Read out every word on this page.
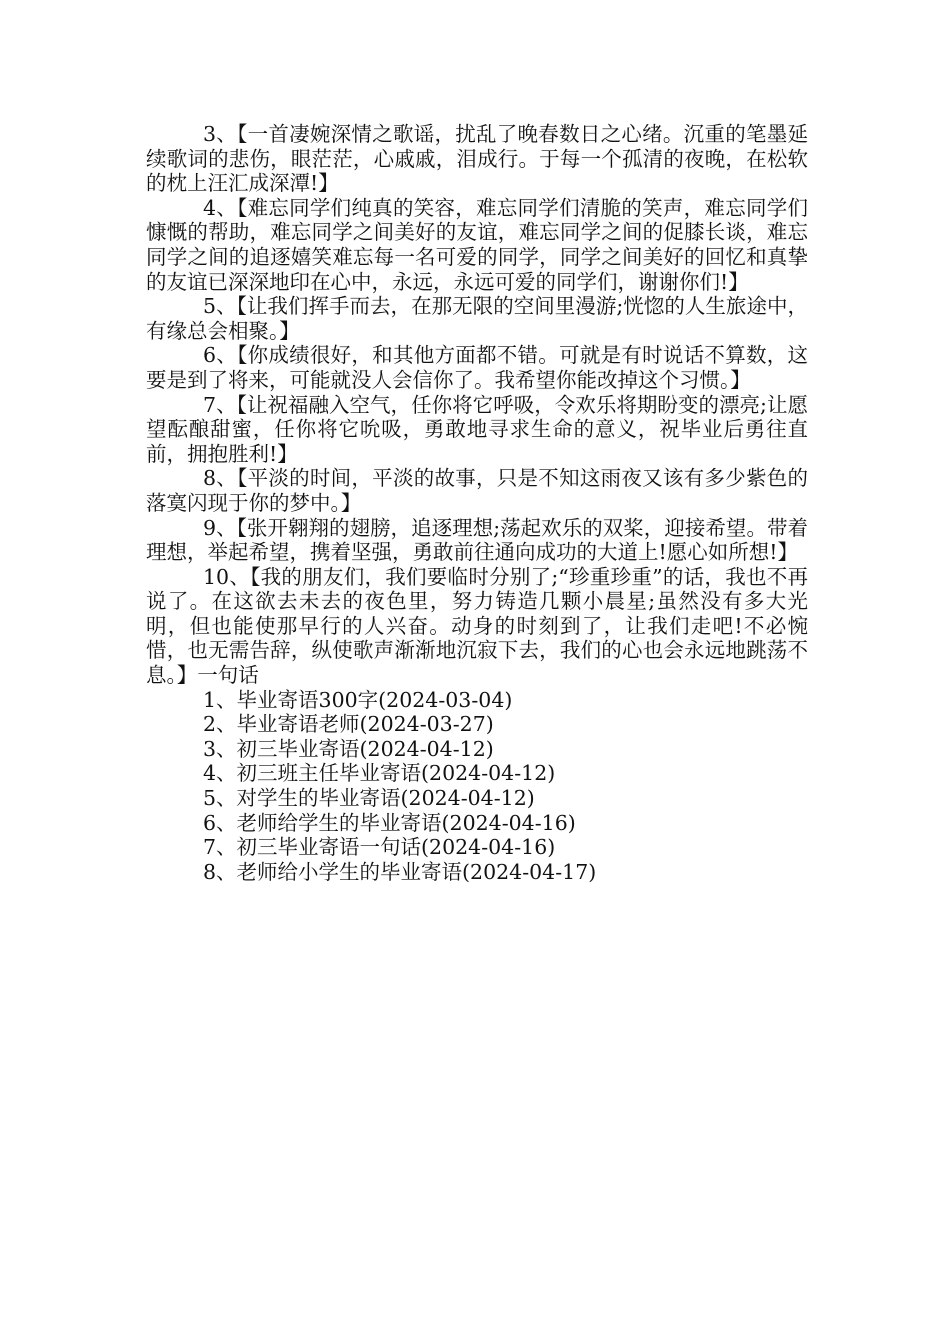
3、【一首凄婉深情之歌谣，扰乱了晚春数日之心绪。沉重的笔墨延续歌词的悲伤，眼茫茫，心戚戚，泪成行。于每一个孤清的夜晚，在松软的枕上汪汇成深潭!】

4、【难忘同学们纯真的笑容，难忘同学们清脆的笑声，难忘同学们慷慨的帮助，难忘同学之间美好的友谊，难忘同学之间的促膝长谈，难忘同学之间的追逐嬉笑难忘每一名可爱的同学，同学之间美好的回忆和真挚的友谊已深深地印在心中，永远，永远可爱的同学们，谢谢你们!】

5、【让我们挥手而去，在那无限的空间里漫游;恍惚的人生旅途中，有缘总会相聚。】

6、【你成绩很好，和其他方面都不错。可就是有时说话不算数，这要是到了将来，可能就没人会信你了。我希望你能改掉这个习惯。】

7、【让祝福融入空气，任你将它呼吸，令欢乐将期盼变的漂亮;让愿望酝酿甜蜜，任你将它吮吸，勇敢地寻求生命的意义，祝毕业后勇往直前，拥抱胜利!】

8、【平淡的时间，平淡的故事，只是不知这雨夜又该有多少紫色的落寞闪现于你的梦中。】

9、【张开翱翔的翅膀，追逐理想;荡起欢乐的双桨，迎接希望。带着理想，举起希望，携着坚强，勇敢前往通向成功的大道上!愿心如所想!】

10、【我的朋友们，我们要临时分别了;“珍重珍重”的话，我也不再说了。在这欲去未去的夜色里，努力铸造几颗小晨星;虽然没有多大光明，但也能使那早行的人兴奋。动身的时刻到了，让我们走吧!不必惋惜，也无需告辞，纵使歌声渐渐地沉寂下去，我们的心也会永远地跳荡不息。】一句话

1、毕业寄语300字(2024-03-04)
2、毕业寄语老师(2024-03-27)
3、初三毕业寄语(2024-04-12)
4、初三班主任毕业寄语(2024-04-12)
5、对学生的毕业寄语(2024-04-12)
6、老师给学生的毕业寄语(2024-04-16)
7、初三毕业寄语一句话(2024-04-16)
8、老师给小学生的毕业寄语(2024-04-17)
